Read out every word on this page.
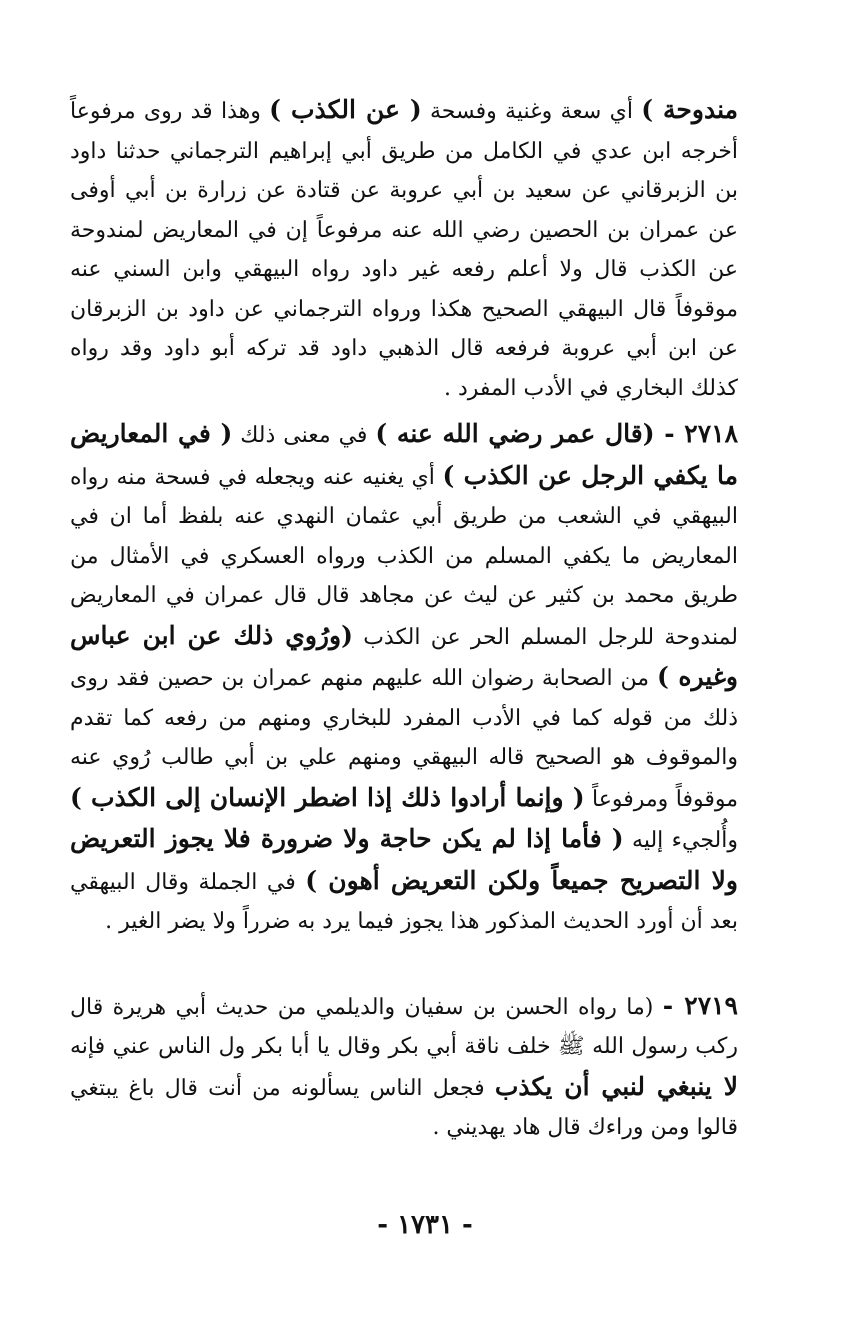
مندوحة ) أي سعة وغنية وفسحة ( عن الكذب ) وهذا قد روى مرفوعاً أخرجه ابن عدي في الكامل من طريق أبي إبراهيم الترجماني حدثنا داود بن الزبرقاني عن سعيد بن أبي عروبة عن قتادة عن زرارة بن أبي أوفى عن عمران بن الحصين رضي الله عنه مرفوعاً إن في المعاريض لمندوحة عن الكذب قال ولا أعلم رفعه غير داود رواه البيهقي وابن السني عنه موقوفاً قال البيهقي الصحيح هكذا ورواه الترجماني عن داود بن الزبرقان عن ابن أبي عروبة فرفعه قال الذهبي داود قد تركه أبو داود وقد رواه كذلك البخاري في الأدب المفرد .

٢٧١٨ - (قال عمر رضي الله عنه ) في معنى ذلك ( في المعاريض ما يكفي الرجل عن الكذب ) أي يغنيه عنه ويجعله في فسحة منه رواه البيهقي في الشعب من طريق أبي عثمان النهدي عنه بلفظ أما ان في المعاريض ما يكفي المسلم من الكذب ورواه العسكري في الأمثال من طريق محمد بن كثير عن ليث عن مجاهد قال قال عمران في المعاريض لمندوحة للرجل المسلم الحر عن الكذب (ورُوي ذلك عن ابن عباس وغيره ) من الصحابة رضوان الله عليهم منهم عمران بن حصين فقد روى ذلك من قوله كما في الأدب المفرد للبخاري ومنهم من رفعه كما تقدم والموقوف هو الصحيح قاله البيهقي ومنهم علي بن أبي طالب رُوي عنه موقوفاً ومرفوعاً ( وإنما أرادوا ذلك إذا اضطر الإنسان إلى الكذب ) وأُلجيء إليه ( فأما إذا لم يكن حاجة ولا ضرورة فلا يجوز التعريض ولا التصريح جميعاً ولكن التعريض أهون ) في الجملة وقال البيهقي بعد أن أورد الحديث المذكور هذا يجوز فيما يرد به ضرراً ولا يضر الغير .

٢٧١٩ - (ما رواه الحسن بن سفيان والديلمي من حديث أبي هريرة قال ركب رسول الله ﷺ خلف ناقة أبي بكر وقال يا أبا بكر ول الناس عني فإنه لا ينبغي لنبي أن يكذب فجعل الناس يسألونه من أنت قال باغ يبتغي قالوا ومن وراءك قال هاد يهديني .

- ١٧٣١ -
